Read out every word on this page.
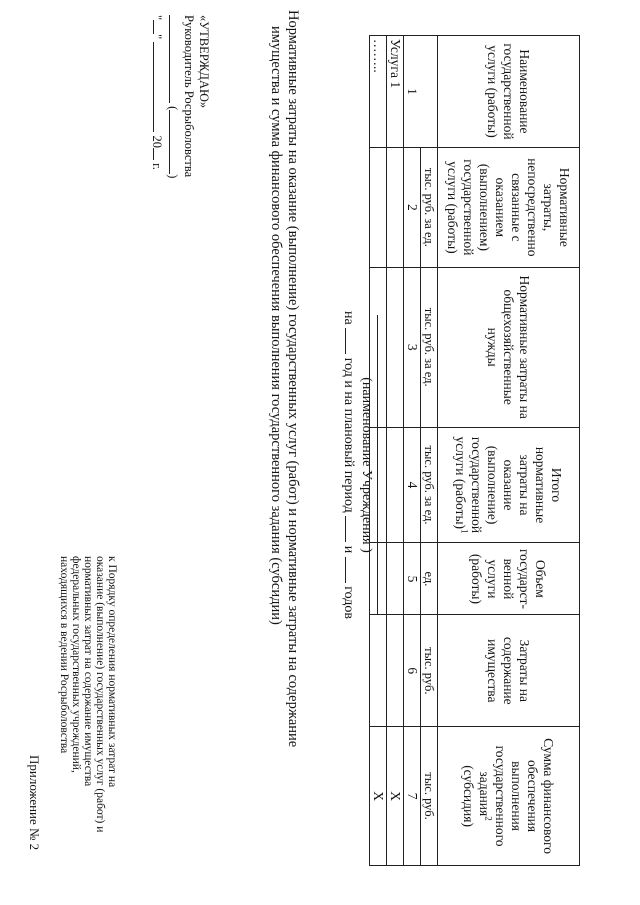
Приложение № 2
к Порядку определения нормативных затрат на
оказание (выполнение) государственных услуг (работ) и
нормативных затрат на содержание имущества
федеральных государственных учреждений,
находящихся в ведении Росрыболовства
«УТВЕРЖДАЮ»
Руководитель Росрыболовства
()
""  20 г.	Нормативные затраты на оказание (выполнение) государственных услуг (работ) и нормативные затраты на содержание
имущества и сумма финансового обеспечения выполнения государственного задания (субсидии)	(наименование Учреждения )
на  год и на плановый период  и  годов
Наименование государственной услуги (работы)	Нормативные затраты, непосредственно связанные с оказанием (выполнением) государственной услуги (работы)	Нормативные затраты на общехозяйственные нужды	Итого нормативные затраты на оказание (выполнение) государственной услуги (работы)$^1$	Объем государст-венной услуги (работы)	Затраты на содержание имущества	Сумма финансового обеспечения выполнения государственного задания$^2$
(субсидия)
1	тыс. руб. за ед.	тыс. руб. за ед.	тыс. руб. за ед.	ед.	тыс. руб.	тыс. руб.
	2	3	4	5	6	7
Услуга 1						Х
……..						Х
